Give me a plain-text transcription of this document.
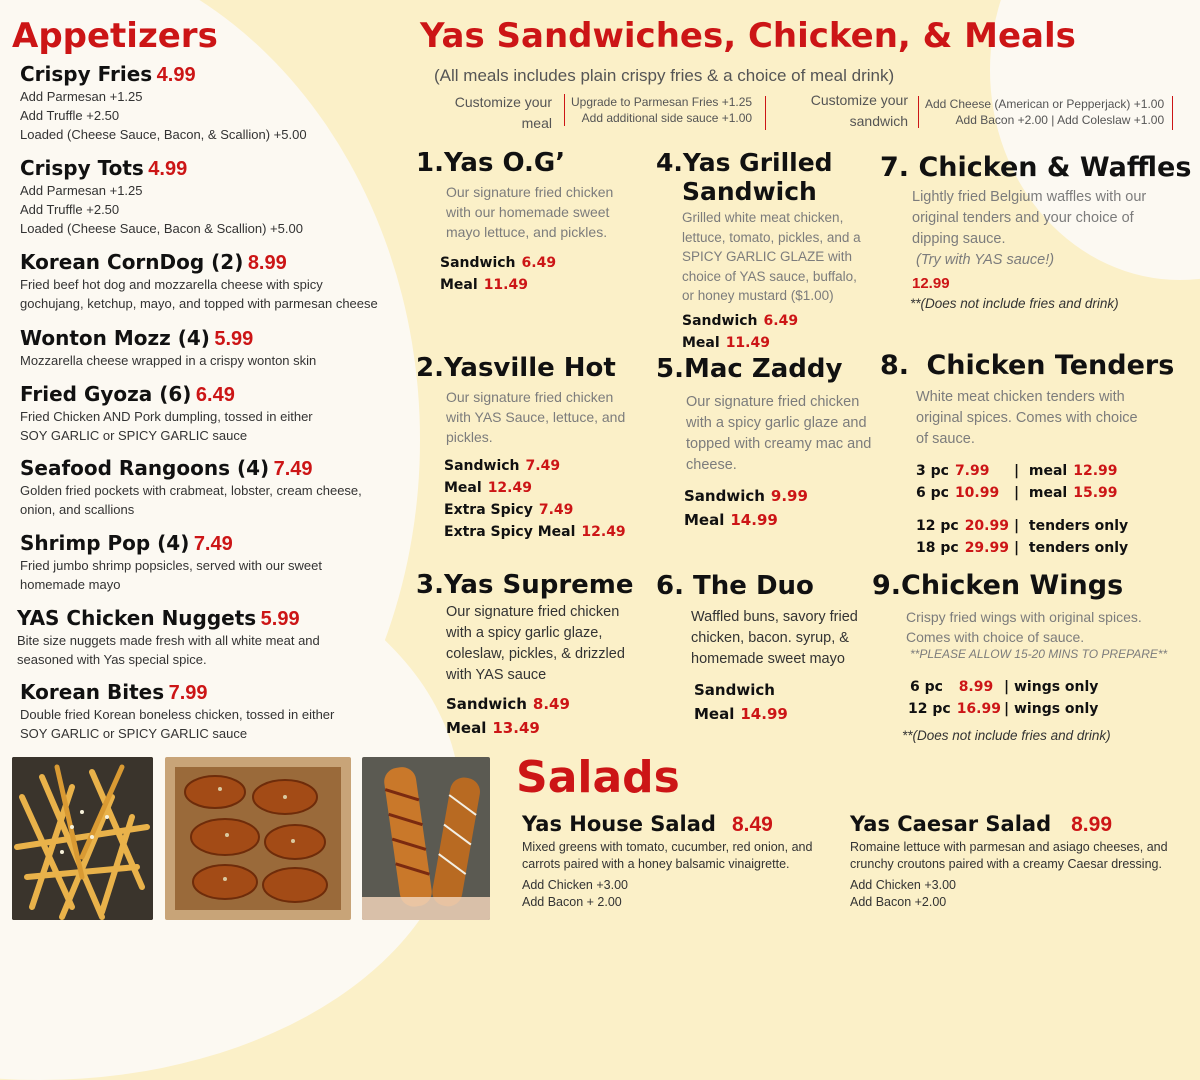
Appetizers
Crispy Fries 4.99
Add Parmesan +1.25
Add Truffle +2.50
Loaded (Cheese Sauce, Bacon, & Scallion) +5.00
Crispy Tots 4.99
Add Parmesan +1.25
Add Truffle +2.50
Loaded (Cheese Sauce, Bacon & Scallion) +5.00
Korean CornDog (2) 8.99
Fried beef hot dog and mozzarella cheese with spicy
gochujang, ketchup, mayo, and topped with parmesan cheese
Wonton Mozz (4) 5.99
Mozzarella cheese wrapped in a crispy wonton skin
Fried Gyoza (6) 6.49
Fried Chicken AND Pork dumpling, tossed in either
SOY GARLIC or SPICY GARLIC sauce
Seafood Rangoons (4) 7.49
Golden fried pockets with crabmeat, lobster, cream cheese,
onion, and scallions
Shrimp Pop (4) 7.49
Fried jumbo shrimp popsicles, served with our sweet
homemade mayo
YAS Chicken Nuggets 5.99
Bite size nuggets made fresh with all white meat and
seasoned with Yas special spice.
Korean Bites 7.99
Double fried Korean boneless chicken, tossed in either
SOY GARLIC or SPICY GARLIC sauce
Yas Sandwiches, Chicken, & Meals
(All meals includes plain crispy fries & a choice of meal drink)
Customize your
meal
Upgrade to Parmesan Fries +1.25
Add additional side sauce +1.00
Customize your
sandwich
Add Cheese (American or Pepperjack) +1.00
Add Bacon +2.00 | Add Coleslaw +1.00
1.Yas O.G’
Our signature fried chicken
with our homemade sweet
mayo lettuce, and pickles.
Sandwich 6.49
Meal 11.49
2.Yasville Hot
Our signature fried chicken
with YAS Sauce, lettuce, and
pickles.
Sandwich 7.49
Meal 12.49
Extra Spicy 7.49
Extra Spicy Meal 12.49
3.Yas Supreme
Our signature fried chicken
with a spicy garlic glaze,
coleslaw, pickles, & drizzled
with YAS sauce
Sandwich 8.49
Meal 13.49
4.Yas Grilled
Sandwich
Grilled white meat chicken,
lettuce, tomato, pickles, and a
SPICY GARLIC GLAZE with
choice of YAS sauce, buffalo,
or honey mustard ($1.00)
Sandwich 6.49
Meal 11.49
5.Mac Zaddy
Our signature fried chicken
with a spicy garlic glaze and
topped with creamy mac and
cheese.
Sandwich 9.99
Meal 14.99
6. The Duo
Waffled buns, savory fried
chicken, bacon. syrup, &
homemade sweet mayo
Sandwich
Meal 14.99
7. Chicken & Waffles
Lightly fried Belgium waffles with our
original tenders and your choice of
dipping sauce.
(Try with YAS sauce!)
12.99
**(Does not include fries and drink)
8. Chicken Tenders
White meat chicken tenders with
original spices. Comes with choice
of sauce.
3 pc 7.99 | meal 12.99
6 pc 10.99 | meal 15.99
12 pc 20.99 | tenders only
18 pc 29.99 | tenders only
9.Chicken Wings
Crispy fried wings with original spices.
Comes with choice of sauce.
**PLEASE ALLOW 15-20 MINS TO PREPARE**
6 pc 8.99 | wings only
12 pc 16.99 | wings only
**(Does not include fries and drink)
Salads
Yas House Salad 8.49
Mixed greens with tomato, cucumber, red onion, and
carrots paired with a honey balsamic vinaigrette.
Add Chicken +3.00
Add Bacon + 2.00
Yas Caesar Salad 8.99
Romaine lettuce with parmesan and asiago cheeses, and
crunchy croutons paired with a creamy Caesar dressing.
Add Chicken +3.00
Add Bacon +2.00
